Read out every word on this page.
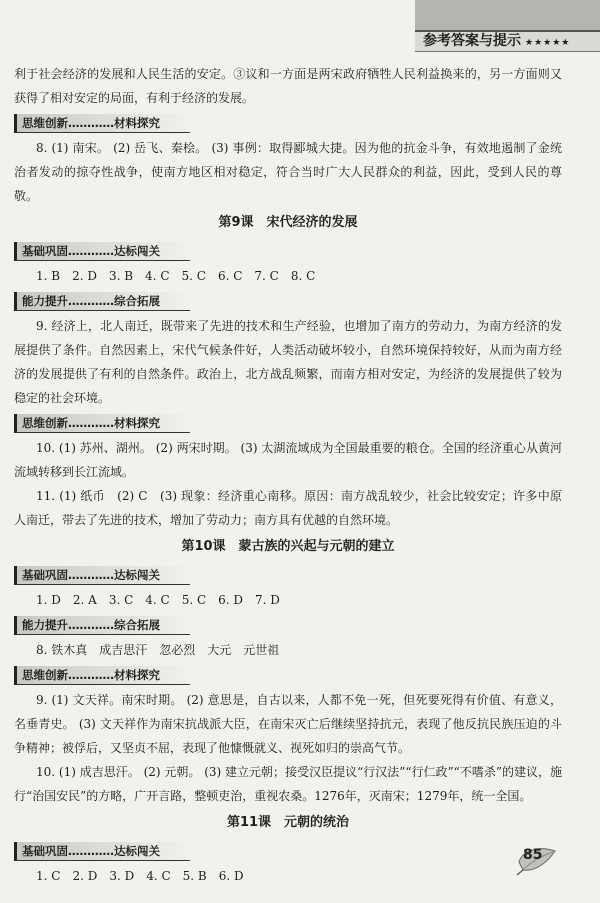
参考答案与提示 ★★★★★

利于社会经济的发展和人民生活的安定。③议和一方面是两宋政府牺牲人民利益换来的，另一方面则又获得了相对安定的局面，有利于经济的发展。

思维创新…………材料探究

8. (1) 南宋。 (2) 岳飞、秦桧。 (3) 事例：取得郾城大捷。因为他的抗金斗争，有效地遏制了金统治者发动的掠夺性战争，使南方地区相对稳定，符合当时广大人民群众的利益，因此，受到人民的尊敬。

第9课　宋代经济的发展
基础巩固…………达标闯关

1. B　2. D　3. B　4. C　5. C　6. C　7. C　8. C

能力提升…………综合拓展

9. 经济上，北人南迁，既带来了先进的技术和生产经验，也增加了南方的劳动力，为南方经济的发展提供了条件。自然因素上，宋代气候条件好，人类活动破坏较小，自然环境保持较好，从而为南方经济的发展提供了有利的自然条件。政治上，北方战乱频繁，而南方相对安定，为经济的发展提供了较为稳定的社会环境。

思维创新…………材料探究

10. (1) 苏州、湖州。 (2) 两宋时期。 (3) 太湖流域成为全国最重要的粮仓。全国的经济重心从黄河流域转移到长江流域。

11. (1) 纸币　(2) C　(3) 现象：经济重心南移。原因：南方战乱较少，社会比较安定；许多中原人南迁，带去了先进的技术，增加了劳动力；南方具有优越的自然环境。

第10课　蒙古族的兴起与元朝的建立
基础巩固…………达标闯关

1. D　2. A　3. C　4. C　5. C　6. D　7. D

能力提升…………综合拓展

8. 铁木真　成吉思汗　忽必烈　大元　元世祖

思维创新…………材料探究

9. (1) 文天祥。南宋时期。 (2) 意思是，自古以来，人都不免一死，但死要死得有价值、有意义，名垂青史。 (3) 文天祥作为南宋抗战派大臣，在南宋灭亡后继续坚持抗元，表现了他反抗民族压迫的斗争精神；被俘后，又坚贞不屈，表现了他慷慨就义、视死如归的崇高气节。

10. (1) 成吉思汗。 (2) 元朝。 (3) 建立元朝；接受汉臣提议“行汉法”“行仁政”“不嗜杀”的建议，施行“治国安民”的方略，广开言路，整顿吏治，重视农桑。1276年，灭南宋；1279年，统一全国。

第11课　元朝的统治
基础巩固…………达标闯关

1. C　2. D　3. D　4. C　5. B　6. D

85
